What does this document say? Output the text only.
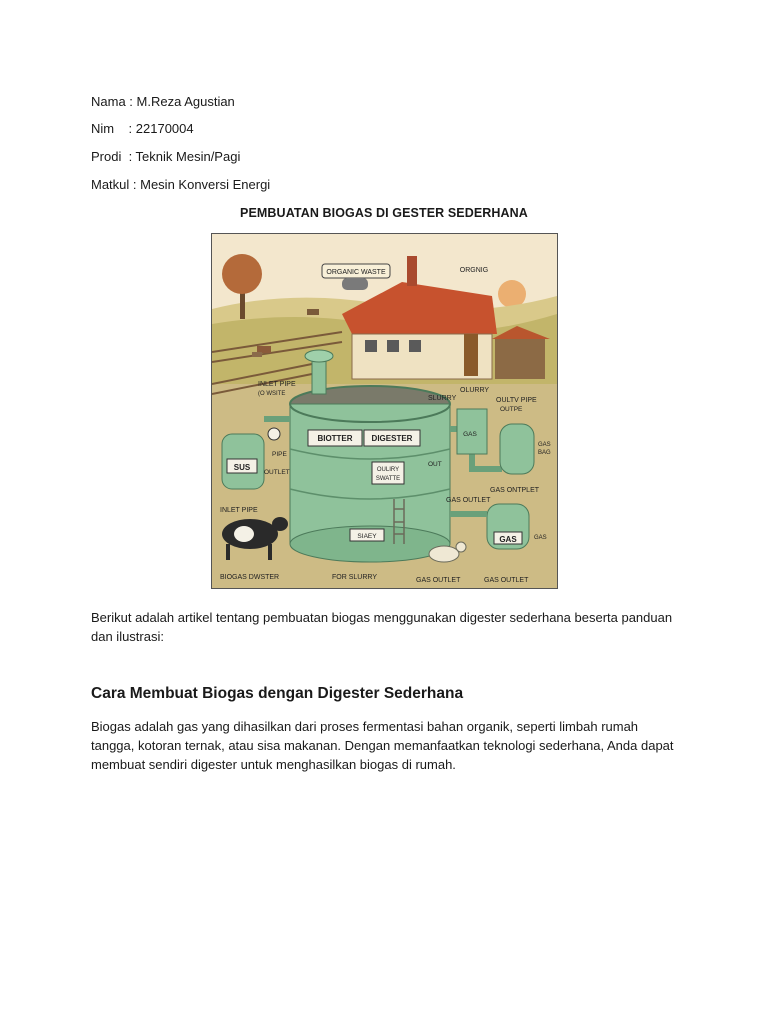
Nama : M.Reza Agustian
Nim    : 22170004
Prodi  : Teknik Mesin/Pagi
Matkul : Mesin Konversi Energi
PEMBUATAN BIOGAS DI GESTER SEDERHANA
ORGANIC WASTE	ORGNIG
BIOTTER DIGESTER
OULIRY
SWATTE
SIAEY
SUS
GAS
GAS
INLET PIPE
(O WSITE
SLURRY
OLURRY
OULTV PIPE
OUTPE
GAS
BAG
PIPE
OUTLET
OUT
GAS ONTPLET
GAS OUTLET
INLET PIPE
GAS
BIOGAS DWSTER	FOR SLURRY	GAS OUTLET	GAS OUTLET
Berikut adalah artikel tentang pembuatan biogas menggunakan digester sederhana beserta panduan dan ilustrasi:
Cara Membuat Biogas dengan Digester Sederhana
Biogas adalah gas yang dihasilkan dari proses fermentasi bahan organik, seperti limbah rumah tangga, kotoran ternak, atau sisa makanan. Dengan memanfaatkan teknologi sederhana, Anda dapat membuat sendiri digester untuk menghasilkan biogas di rumah.
